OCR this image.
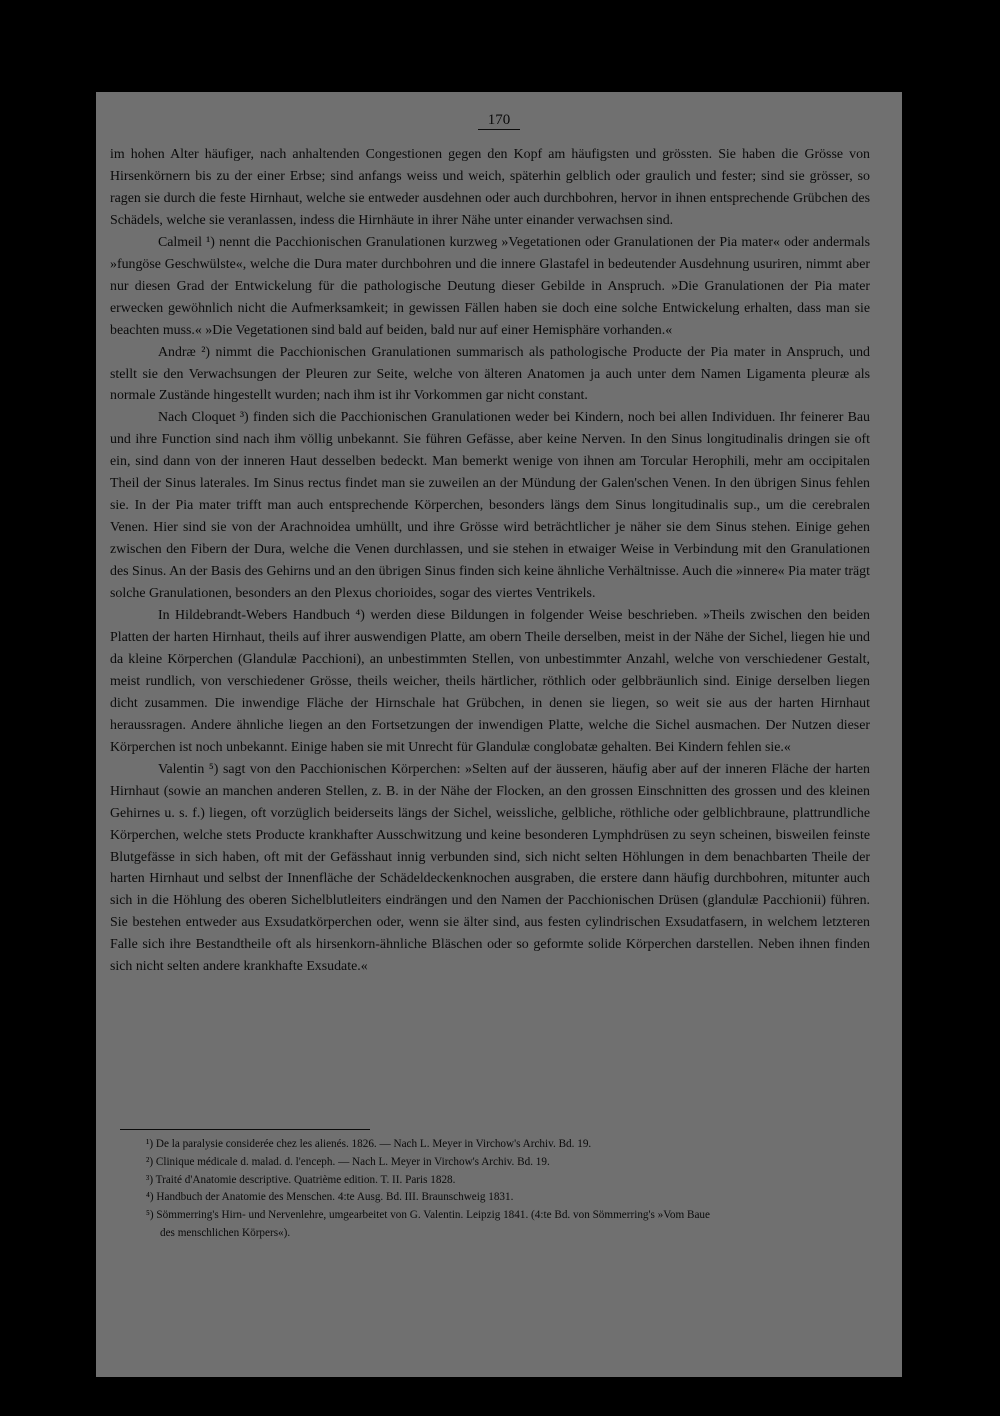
170

im hohen Alter häufiger, nach anhaltenden Congestionen gegen den Kopf am häufigsten und grössten. Sie haben die Grösse von Hirsenkörnern bis zu der einer Erbse; sind anfangs weiss und weich, späterhin gelblich oder graulich und fester; sind sie grösser, so ragen sie durch die feste Hirnhaut, welche sie entweder ausdehnen oder auch durchbohren, hervor in ihnen entsprechende Grübchen des Schädels, welche sie veranlassen, indess die Hirnhäute in ihrer Nähe unter einander verwachsen sind.

Calmeil ¹) nennt die Pacchionischen Granulationen kurzweg »Vegetationen oder Granulationen der Pia mater« oder andermals »fungöse Geschwülste«, welche die Dura mater durchbohren und die innere Glastafel in bedeutender Ausdehnung usuriren, nimmt aber nur diesen Grad der Entwickelung für die pathologische Deutung dieser Gebilde in Anspruch. »Die Granulationen der Pia mater erwecken gewöhnlich nicht die Aufmerksamkeit; in gewissen Fällen haben sie doch eine solche Entwickelung erhalten, dass man sie beachten muss.« »Die Vegetationen sind bald auf beiden, bald nur auf einer Hemisphäre vorhanden.«

Andræ ²) nimmt die Pacchionischen Granulationen summarisch als pathologische Producte der Pia mater in Anspruch, und stellt sie den Verwachsungen der Pleuren zur Seite, welche von älteren Anatomen ja auch unter dem Namen Ligamenta pleuræ als normale Zustände hingestellt wurden; nach ihm ist ihr Vorkommen gar nicht constant.

Nach Cloquet ³) finden sich die Pacchionischen Granulationen weder bei Kindern, noch bei allen Individuen. Ihr feinerer Bau und ihre Function sind nach ihm völlig unbekannt. Sie führen Gefässe, aber keine Nerven. In den Sinus longitudinalis dringen sie oft ein, sind dann von der inneren Haut desselben bedeckt. Man bemerkt wenige von ihnen am Torcular Herophili, mehr am occipitalen Theil der Sinus laterales. Im Sinus rectus findet man sie zuweilen an der Mündung der Galen'schen Venen. In den übrigen Sinus fehlen sie. In der Pia mater trifft man auch entsprechende Körperchen, besonders längs dem Sinus longitudinalis sup., um die cerebralen Venen. Hier sind sie von der Arachnoidea umhüllt, und ihre Grösse wird beträchtlicher je näher sie dem Sinus stehen. Einige gehen zwischen den Fibern der Dura, welche die Venen durchlassen, und sie stehen in etwaiger Weise in Verbindung mit den Granulationen des Sinus. An der Basis des Gehirns und an den übrigen Sinus finden sich keine ähnliche Verhältnisse. Auch die »innere« Pia mater trägt solche Granulationen, besonders an den Plexus chorioides, sogar des viertes Ventrikels.

In Hildebrandt-Webers Handbuch ⁴) werden diese Bildungen in folgender Weise beschrieben. »Theils zwischen den beiden Platten der harten Hirnhaut, theils auf ihrer auswendigen Platte, am obern Theile derselben, meist in der Nähe der Sichel, liegen hie und da kleine Körperchen (Glandulæ Pacchioni), an unbestimmten Stellen, von unbestimmter Anzahl, welche von verschiedener Gestalt, meist rundlich, von verschiedener Grösse, theils weicher, theils härtlicher, röthlich oder gelbbräunlich sind. Einige derselben liegen dicht zusammen. Die inwendige Fläche der Hirnschale hat Grübchen, in denen sie liegen, so weit sie aus der harten Hirnhaut heraussragen. Andere ähnliche liegen an den Fortsetzungen der inwendigen Platte, welche die Sichel ausmachen. Der Nutzen dieser Körperchen ist noch unbekannt. Einige haben sie mit Unrecht für Glandulæ conglobatæ gehalten. Bei Kindern fehlen sie.«

Valentin ⁵) sagt von den Pacchionischen Körperchen: »Selten auf der äusseren, häufig aber auf der inneren Fläche der harten Hirnhaut (sowie an manchen anderen Stellen, z. B. in der Nähe der Flocken, an den grossen Einschnitten des grossen und des kleinen Gehirnes u. s. f.) liegen, oft vorzüglich beiderseits längs der Sichel, weissliche, gelbliche, röthliche oder gelblichbraune, plattrundliche Körperchen, welche stets Producte krankhafter Ausschwitzung und keine besonderen Lymphdrüsen zu seyn scheinen, bisweilen feinste Blutgefässe in sich haben, oft mit der Gefässhaut innig verbunden sind, sich nicht selten Höhlungen in dem benachbarten Theile der harten Hirnhaut und selbst der Innenfläche der Schädeldeckenknochen ausgraben, die erstere dann häufig durchbohren, mitunter auch sich in die Höhlung des oberen Sichelblutleiters eindrängen und den Namen der Pacchionischen Drüsen (glandulæ Pacchionii) führen. Sie bestehen entweder aus Exsudatkörperchen oder, wenn sie älter sind, aus festen cylindrischen Exsudatfasern, in welchem letzteren Falle sich ihre Bestandtheile oft als hirsenkorn-ähnliche Bläschen oder so geformte solide Körperchen darstellen. Neben ihnen finden sich nicht selten andere krankhafte Exsudate.«

¹) De la paralysie considerée chez les alienés. 1826. — Nach L. Meyer in Virchow's Archiv. Bd. 19.
²) Clinique médicale d. malad. d. l'enceph. — Nach L. Meyer in Virchow's Archiv. Bd. 19.
³) Traité d'Anatomie descriptive. Quatrième edition. T. II. Paris 1828.
⁴) Handbuch der Anatomie des Menschen. 4:te Ausg. Bd. III. Braunschweig 1831.
⁵) Sömmerring's Hirn- und Nervenlehre, umgearbeitet von G. Valentin. Leipzig 1841. (4:te Bd. von Sömmerring's »Vom Baue
des menschlichen Körpers«).
